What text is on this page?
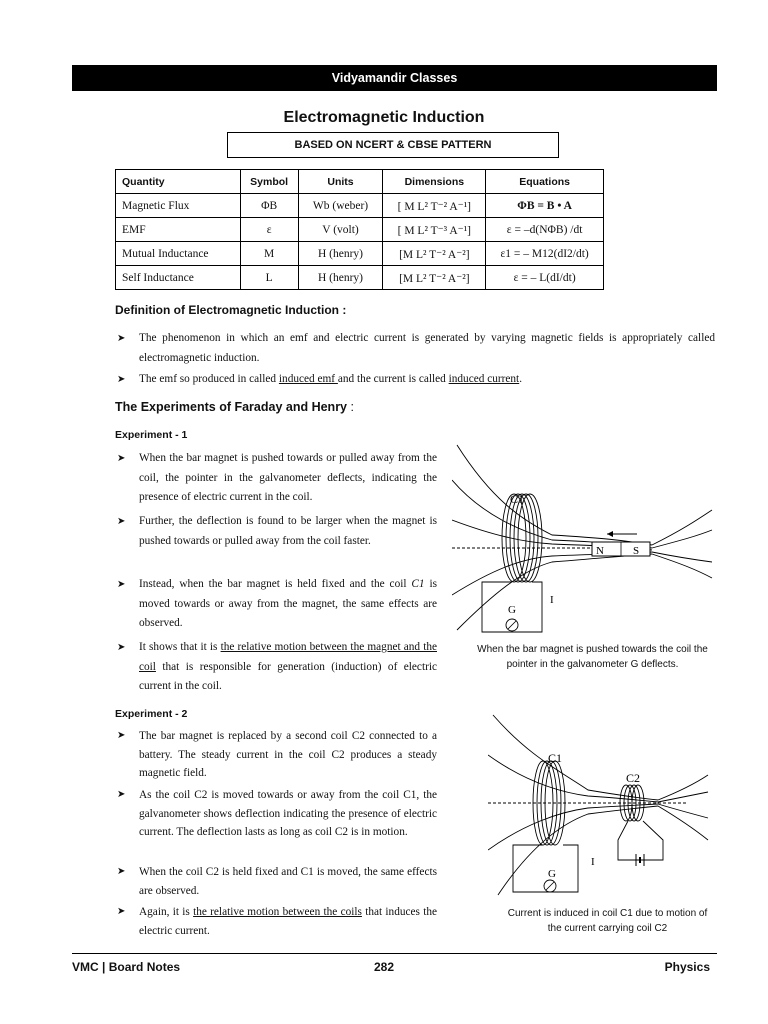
Vidyamandir Classes
Electromagnetic Induction
BASED ON NCERT & CBSE PATTERN
Quantity	Symbol	Units	Dimensions	Equations
Magnetic Flux	ΦB	Wb (weber)	[ M L² T⁻² A⁻¹]	ΦB = B • A
EMF	ε	V (volt)	[ M L² T⁻³ A⁻¹]	ε = –d(NΦB) /dt
Mutual Inductance	M	H (henry)	[M L² T⁻² A⁻²]	ε1 = – M12(dI2/dt)
Self Inductance	L	H (henry)	[M L² T⁻² A⁻²]	ε = – L(dI/dt)
Definition of Electromagnetic Induction :
➤ The phenomenon in which an emf and electric current is generated by varying magnetic fields is appropriately called electromagnetic induction.
➤ The emf so produced in called induced emf and the current is called induced current.
The Experiments of Faraday and Henry :
Experiment - 1
➤ When the bar magnet is pushed towards or pulled away from the coil, the pointer in the galvanometer deflects, indicating the presence of electric current in the coil.
➤ Further, the deflection is found to be larger when the magnet is pushed towards or pulled away from the coil faster.
➤ Instead, when the bar magnet is held fixed and the coil C1 is moved towards or away from the magnet, the same effects are observed.
➤ It shows that it is the relative motion between the magnet and the coil that is responsible for generation (induction) of electric current in the coil.
N	S
C1
G
I
When the bar magnet is pushed towards the coil the pointer in the galvanometer G deflects.
Experiment - 2
➤ The bar magnet is replaced by a second coil C2 connected to a battery. The steady current in the coil C2 produces a steady magnetic field.
➤ As the coil C2 is moved towards or away from the coil C1, the galvanometer shows deflection indicating the presence of electric current. The deflection lasts as long as coil C2 is in motion.
➤ When the coil C2 is held fixed and C1 is moved, the same effects are observed.
➤ Again, it is the relative motion between the coils that induces the electric current.
C1
C2
G
I
Current is induced in coil C1 due to motion of the current carrying coil C2
VMC | Board Notes	282	Physics
